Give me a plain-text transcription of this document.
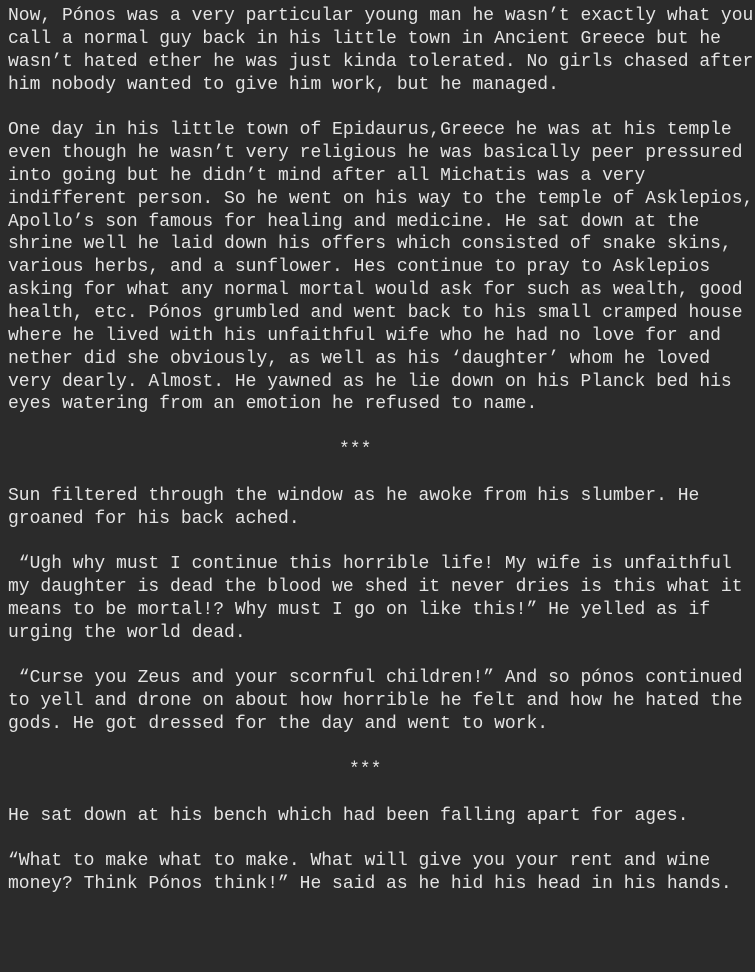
Now, Pónos was a very particular young man he wasn’t exactly what you
call a normal guy back in his little town in Ancient Greece but he
wasn’t hated ether he was just kinda tolerated. No girls chased after
him nobody wanted to give him work, but he managed.
One day in his little town of Epidaurus,Greece he was at his temple
even though he wasn’t very religious he was basically peer pressured
into going but he didn’t mind after all Michatis was a very
indifferent person. So he went on his way to the temple of Asklepios,
Apollo’s son famous for healing and medicine. He sat down at the
shrine well he laid down his offers which consisted of snake skins,
various herbs, and a sunflower. Hes continue to pray to Asklepios
asking for what any normal mortal would ask for such as wealth, good
health, etc. Pónos grumbled and went back to his small cramped house
where he lived with his unfaithful wife who he had no love for and
nether did she obviously, as well as his ‘daughter’ whom he loved
very dearly. Almost. He yawned as he lie down on his Planck bed his
eyes watering from an emotion he refused to name.
***
Sun filtered through the window as he awoke from his slumber. He
groaned for his back ached.
“Ugh why must I continue this horrible life! My wife is unfaithful
my daughter is dead the blood we shed it never dries is this what it
means to be mortal!? Why must I go on like this!” He yelled as if
urging the world dead.
“Curse you Zeus and your scornful children!” And so pónos continued
to yell and drone on about how horrible he felt and how he hated the
gods. He got dressed for the day and went to work.
***
He sat down at his bench which had been falling apart for ages.
“What to make what to make. What will give you your rent and wine
money? Think Pónos think!” He said as he hid his head in his hands.
